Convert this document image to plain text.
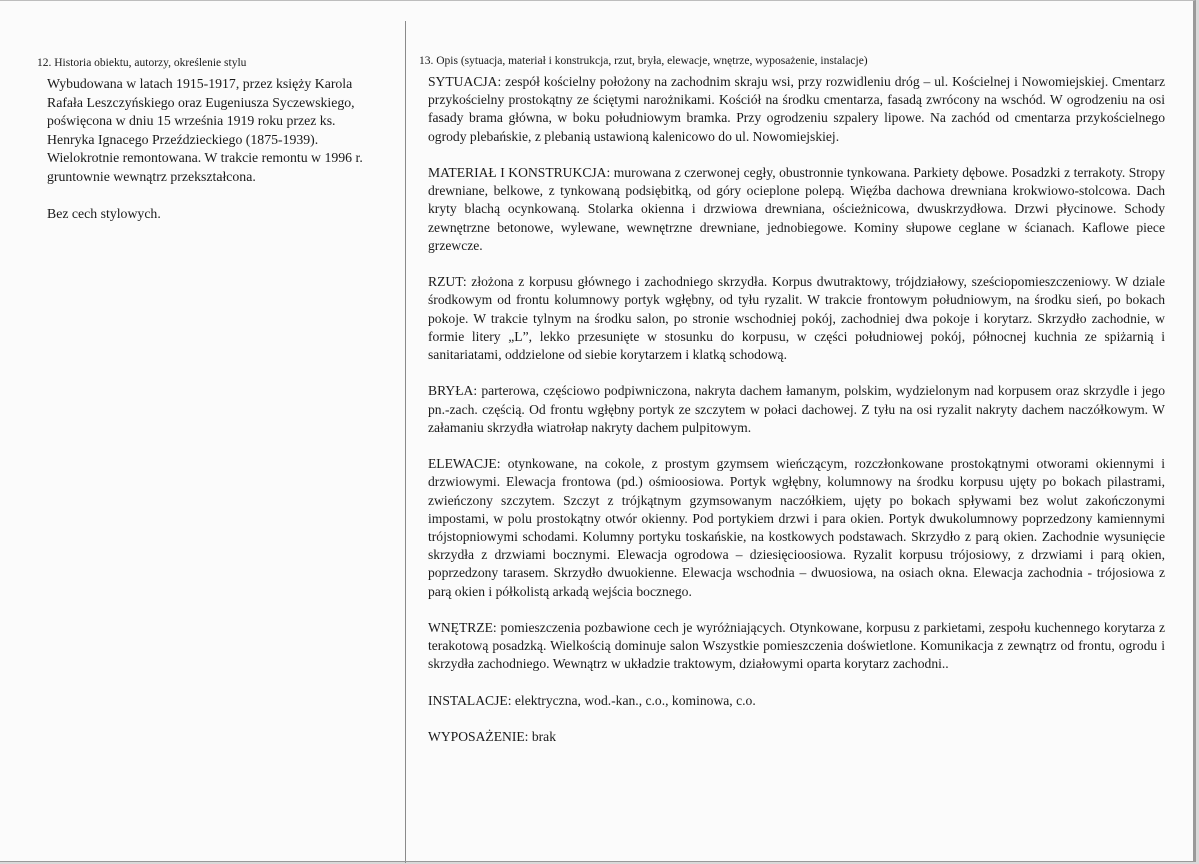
12. Historia obiektu, autorzy, określenie stylu

Wybudowana w latach 1915-1917, przez księży Karola Rafała Leszczyńskiego oraz Eugeniusza Syczewskiego, poświęcona w dniu 15 września 1919 roku przez ks. Henryka Ignacego Przeździeckiego (1875-1939). Wielokrotnie remontowana. W trakcie remontu w 1996 r. gruntownie wewnątrz przekształcona.

Bez cech stylowych.

13. Opis (sytuacja, materiał i konstrukcja, rzut, bryła, elewacje, wnętrze, wyposażenie, instalacje)

SYTUACJA: zespół kościelny położony na zachodnim skraju wsi, przy rozwidleniu dróg – ul. Kościelnej i Nowomiejskiej. Cmentarz przykościelny prostokątny ze ściętymi narożnikami. Kościół na środku cmentarza, fasadą zwrócony na wschód. W ogrodzeniu na osi fasady brama główna, w boku południowym bramka. Przy ogrodzeniu szpalery lipowe. Na zachód od cmentarza przykościelnego ogrody plebańskie, z plebanią ustawioną kalenicowo do ul. Nowomiejskiej.

MATERIAŁ I KONSTRUKCJA: murowana z czerwonej cegły, obustronnie tynkowana. Parkiety dębowe. Posadzki z terrakoty. Stropy drewniane, belkowe, z tynkowaną podsiębitką, od góry ocieplone polepą. Więźba dachowa drewniana krokwiowo-stolcowa. Dach kryty blachą ocynkowaną. Stolarka okienna i drzwiowa drewniana, ościeżnicowa, dwuskrzydłowa. Drzwi płycinowe. Schody zewnętrzne betonowe, wylewane, wewnętrzne drewniane, jednobiegowe. Kominy słupowe ceglane w ścianach. Kaflowe piece grzewcze.

RZUT: złożona z korpusu głównego i zachodniego skrzydła. Korpus dwutraktowy, trójdziałowy, sześciopomieszczeniowy. W dziale środkowym od frontu kolumnowy portyk wgłębny, od tyłu ryzalit. W trakcie frontowym południowym, na środku sień, po bokach pokoje. W trakcie tylnym na środku salon, po stronie wschodniej pokój, zachodniej dwa pokoje i korytarz. Skrzydło zachodnie, w formie litery „L”, lekko przesunięte w stosunku do korpusu, w części południowej pokój, północnej kuchnia ze spiżarnią i sanitariatami, oddzielone od siebie korytarzem i klatką schodową.

BRYŁA: parterowa, częściowo podpiwniczona, nakryta dachem łamanym, polskim, wydzielonym nad korpusem oraz skrzydle i jego pn.-zach. częścią. Od frontu wgłębny portyk ze szczytem w połaci dachowej. Z tyłu na osi ryzalit nakryty dachem naczółkowym. W załamaniu skrzydła wiatrołap nakryty dachem pulpitowym.

ELEWACJE: otynkowane, na cokole, z prostym gzymsem wieńczącym, rozczłonkowane prostokątnymi otworami okiennymi i drzwiowymi. Elewacja frontowa (pd.) ośmioosiowa. Portyk wgłębny, kolumnowy na środku korpusu ujęty po bokach pilastrami, zwieńczony szczytem. Szczyt z trójkątnym gzymsowanym naczółkiem, ujęty po bokach spływami bez wolut zakończonymi impostami, w polu prostokątny otwór okienny. Pod portykiem drzwi i para okien. Portyk dwukolumnowy poprzedzony kamiennymi trójstopniowymi schodami. Kolumny portyku toskańskie, na kostkowych podstawach. Skrzydło z parą okien. Zachodnie wysunięcie skrzydła z drzwiami bocznymi. Elewacja ogrodowa – dziesięcioosiowa. Ryzalit korpusu trójosiowy, z drzwiami i parą okien, poprzedzony tarasem. Skrzydło dwuokienne. Elewacja wschodnia – dwuosiowa, na osiach okna. Elewacja zachodnia - trójosiowa z parą okien i półkolistą arkadą wejścia bocznego.

WNĘTRZE: pomieszczenia pozbawione cech je wyróżniających. Otynkowane, korpusu z parkietami, zespołu kuchennego korytarza z terakotową posadzką. Wielkością dominuje salon Wszystkie pomieszczenia doświetlone. Komunikacja z zewnątrz od frontu, ogrodu i skrzydła zachodniego. Wewnątrz w układzie traktowym, działowymi oparta korytarz zachodni..

INSTALACJE: elektryczna, wod.-kan., c.o., kominowa, c.o.

WYPOSAŻENIE: brak
